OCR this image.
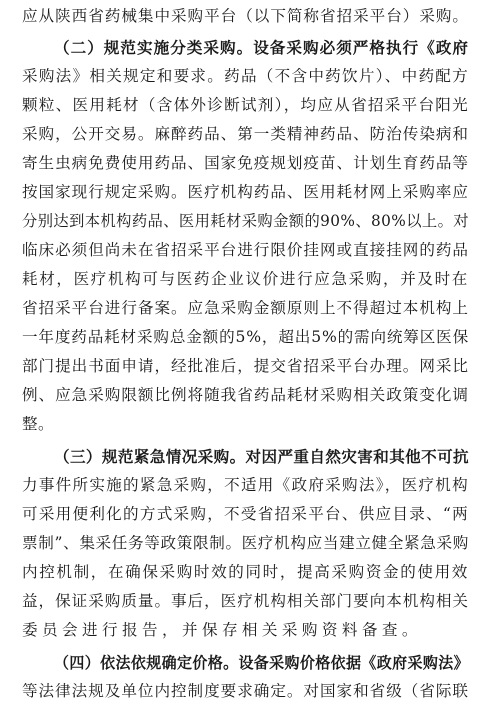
应从陕西省药械集中采购平台（以下简称省招采平台）采购。
（二）规范实施分类采购。设备采购必须严格执行《政府
采购法》相关规定和要求。药品（不含中药饮片）、中药配方
颗粒、医用耗材（含体外诊断试剂），均应从省招采平台阳光
采购，公开交易。麻醉药品、第一类精神药品、防治传染病和
寄生虫病免费使用药品、国家免疫规划疫苗、计划生育药品等
按国家现行规定采购。医疗机构药品、医用耗材网上采购率应
分别达到本机构药品、医用耗材采购金额的90%、80%以上。对
临床必须但尚未在省招采平台进行限价挂网或直接挂网的药品
耗材，医疗机构可与医药企业议价进行应急采购，并及时在
省招采平台进行备案。应急采购金额原则上不得超过本机构上
一年度药品耗材采购总金额的5%，超出5%的需向统筹区医保
部门提出书面申请，经批准后，提交省招采平台办理。网采比
例、应急采购限额比例将随我省药品耗材采购相关政策变化调
整。
（三）规范紧急情况采购。对因严重自然灾害和其他不可抗
力事件所实施的紧急采购，不适用《政府采购法》，医疗机构
可采用便利化的方式采购，不受省招采平台、供应目录、“两
票制”、集采任务等政策限制。医疗机构应当建立健全紧急采购
内控机制，在确保采购时效的同时，提高采购资金的使用效
益，保证采购质量。事后，医疗机构相关部门要向本机构相关
委员会进行报告，并保存相关采购资料备查。
（四）依法依规确定价格。设备采购价格依据《政府采购法》
等法律法规及单位内控制度要求确定。对国家和省级（省际联
